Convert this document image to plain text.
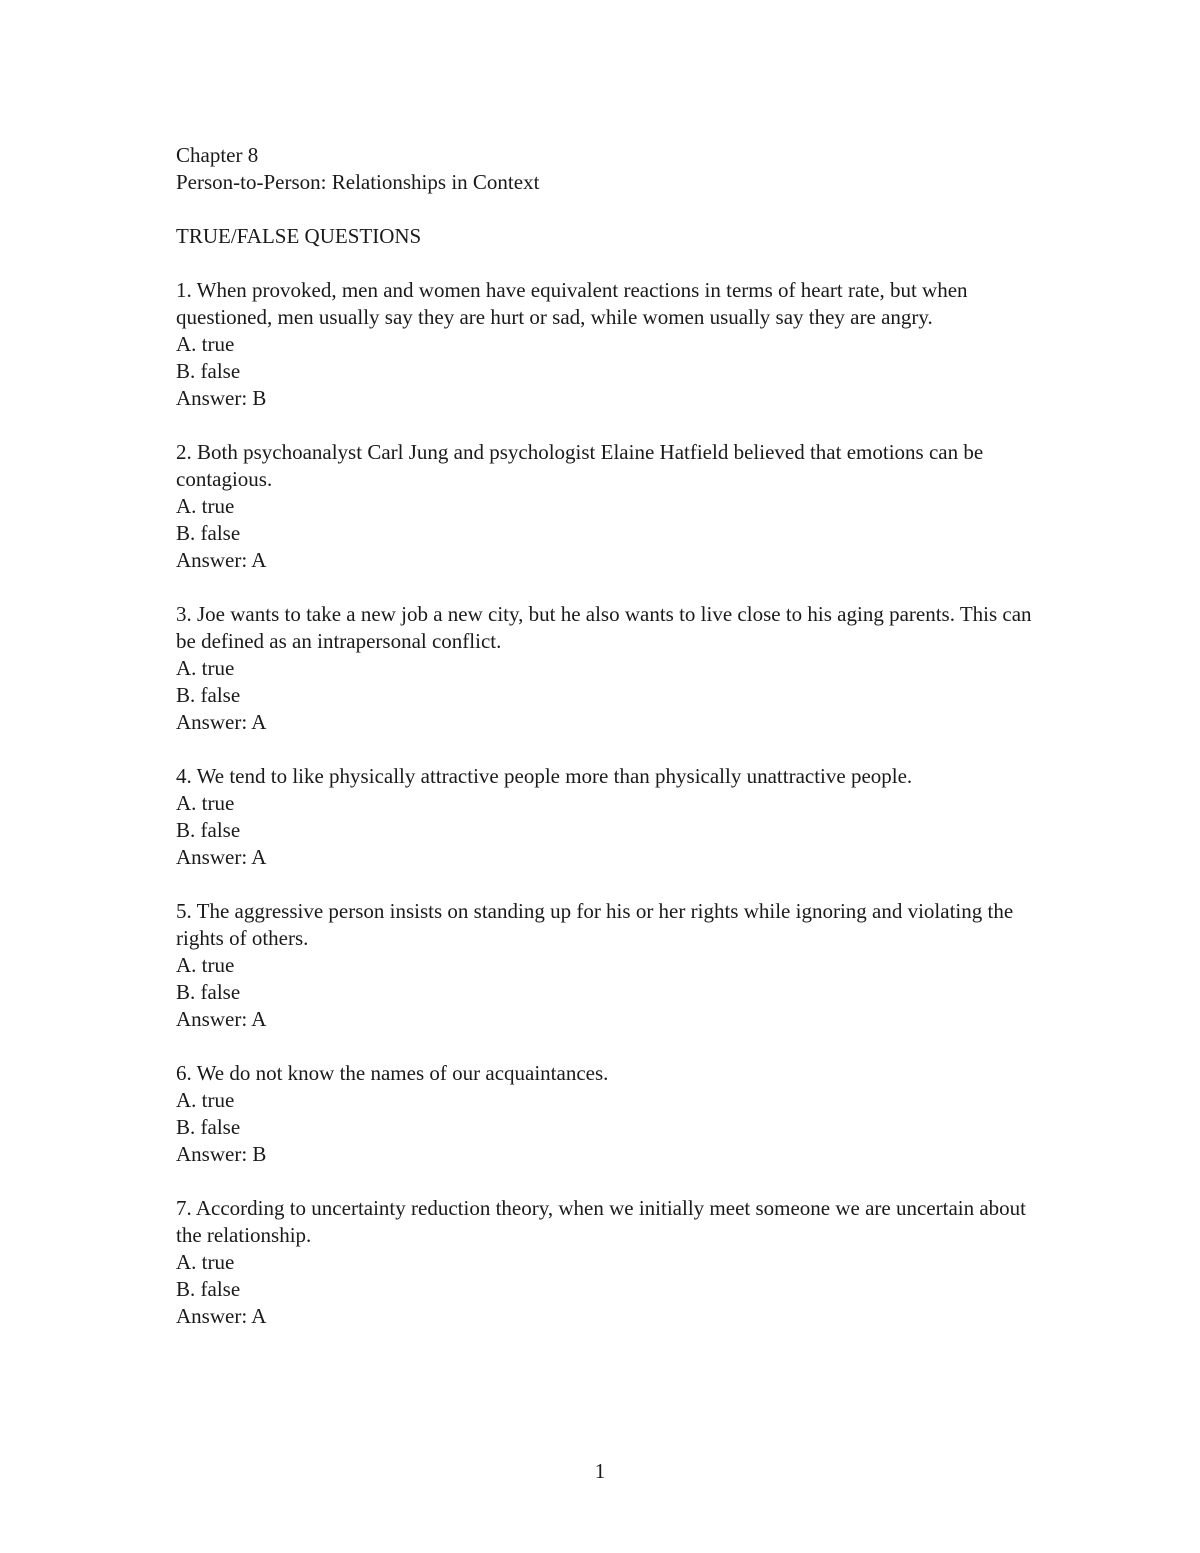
Chapter 8
Person-to-Person: Relationships in Context
TRUE/FALSE QUESTIONS
1. When provoked, men and women have equivalent reactions in terms of heart rate, but when questioned, men usually say they are hurt or sad, while women usually say they are angry.
A. true
B. false
Answer: B
2. Both psychoanalyst Carl Jung and psychologist Elaine Hatfield believed that emotions can be contagious.
A. true
B. false
Answer: A
3. Joe wants to take a new job a new city, but he also wants to live close to his aging parents. This can be defined as an intrapersonal conflict.
A. true
B. false
Answer: A
4. We tend to like physically attractive people more than physically unattractive people.
A. true
B. false
Answer: A
5. The aggressive person insists on standing up for his or her rights while ignoring and violating the rights of others.
A. true
B. false
Answer: A
6. We do not know the names of our acquaintances.
A. true
B. false
Answer: B
7. According to uncertainty reduction theory, when we initially meet someone we are uncertain about the relationship.
A. true
B. false
Answer: A
1
